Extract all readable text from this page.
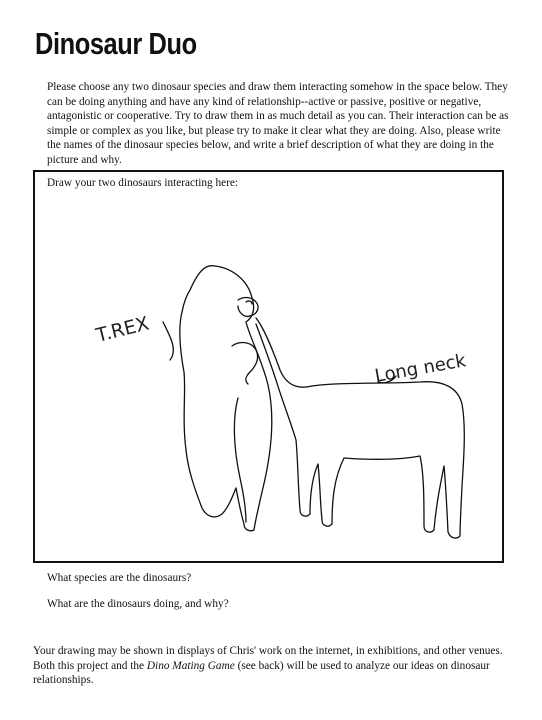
Dinosaur Duo

Please choose any two dinosaur species and draw them interacting somehow in the space below. They can be doing anything and have any kind of relationship--active or passive, positive or negative, antagonistic or cooperative. Try to draw them in as much detail as you can. Their interaction can be as simple or complex as you like, but please try to make it clear what they are doing. Also, please write the names of the dinosaur species below, and write a brief description of what they are doing in the picture and why.

Draw your two dinosaurs interacting here:
T.REX
Long neck
What species are the dinosaurs?
What are the dinosaurs doing, and why?

Your drawing may be shown in displays of Chris' work on the internet, in exhibitions, and other venues. Both this project and the Dino Mating Game (see back) will be used to analyze our ideas on dinosaur relationships.
